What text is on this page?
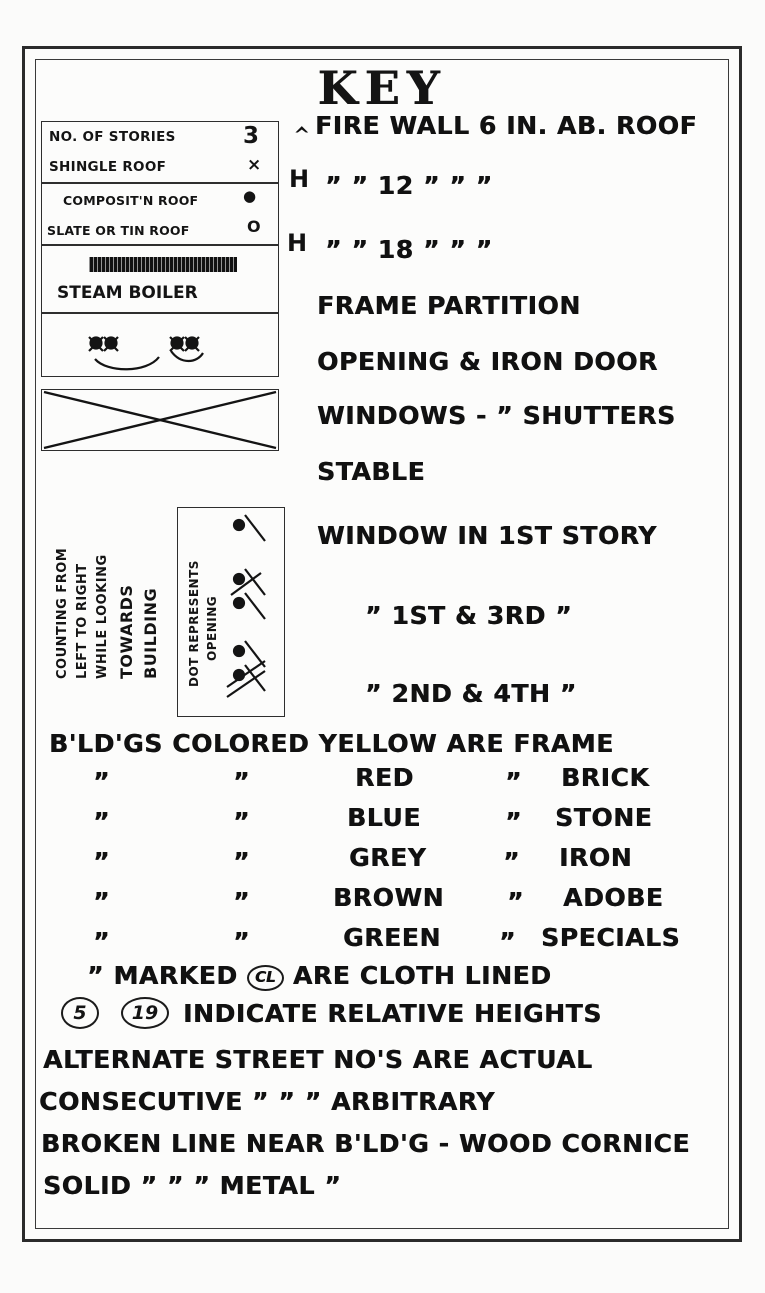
KEY
NO. OF STORIES	3
SHINGLE ROOF	×
COMPOSIT'N ROOF	●
SLATE OR TIN ROOF	O
STEAM BOILER
COUNTING FROM LEFT TO RIGHT WHILE LOOKING TOWARDS BUILDING DOT REPRESENTS OPENING
‸
H
H
FIRE WALL 6 IN. AB. ROOF
” ” 12 ” ” ”
” ” 18 ” ” ”
FRAME PARTITION
OPENING & IRON DOOR
WINDOWS - ” SHUTTERS
STABLE
WINDOW IN 1ST STORY
” 1ST & 3RD ”
” 2ND & 4TH ”
B'LD'GS COLORED YELLOW ARE FRAME
”	”	RED	” BRICK
”	”	BLUE	” STONE
”	”	GREY	” IRON
”	”	BROWN	” ADOBE
”	”	GREEN ” SPECIALS
” MARKED CL ARE CLOTH LINED
5	19 INDICATE RELATIVE HEIGHTS
ALTERNATE STREET NO'S ARE ACTUAL
CONSECUTIVE ” ” ” ARBITRARY
BROKEN LINE NEAR B'LD'G - WOOD CORNICE
SOLID ” ” ” METAL ”
